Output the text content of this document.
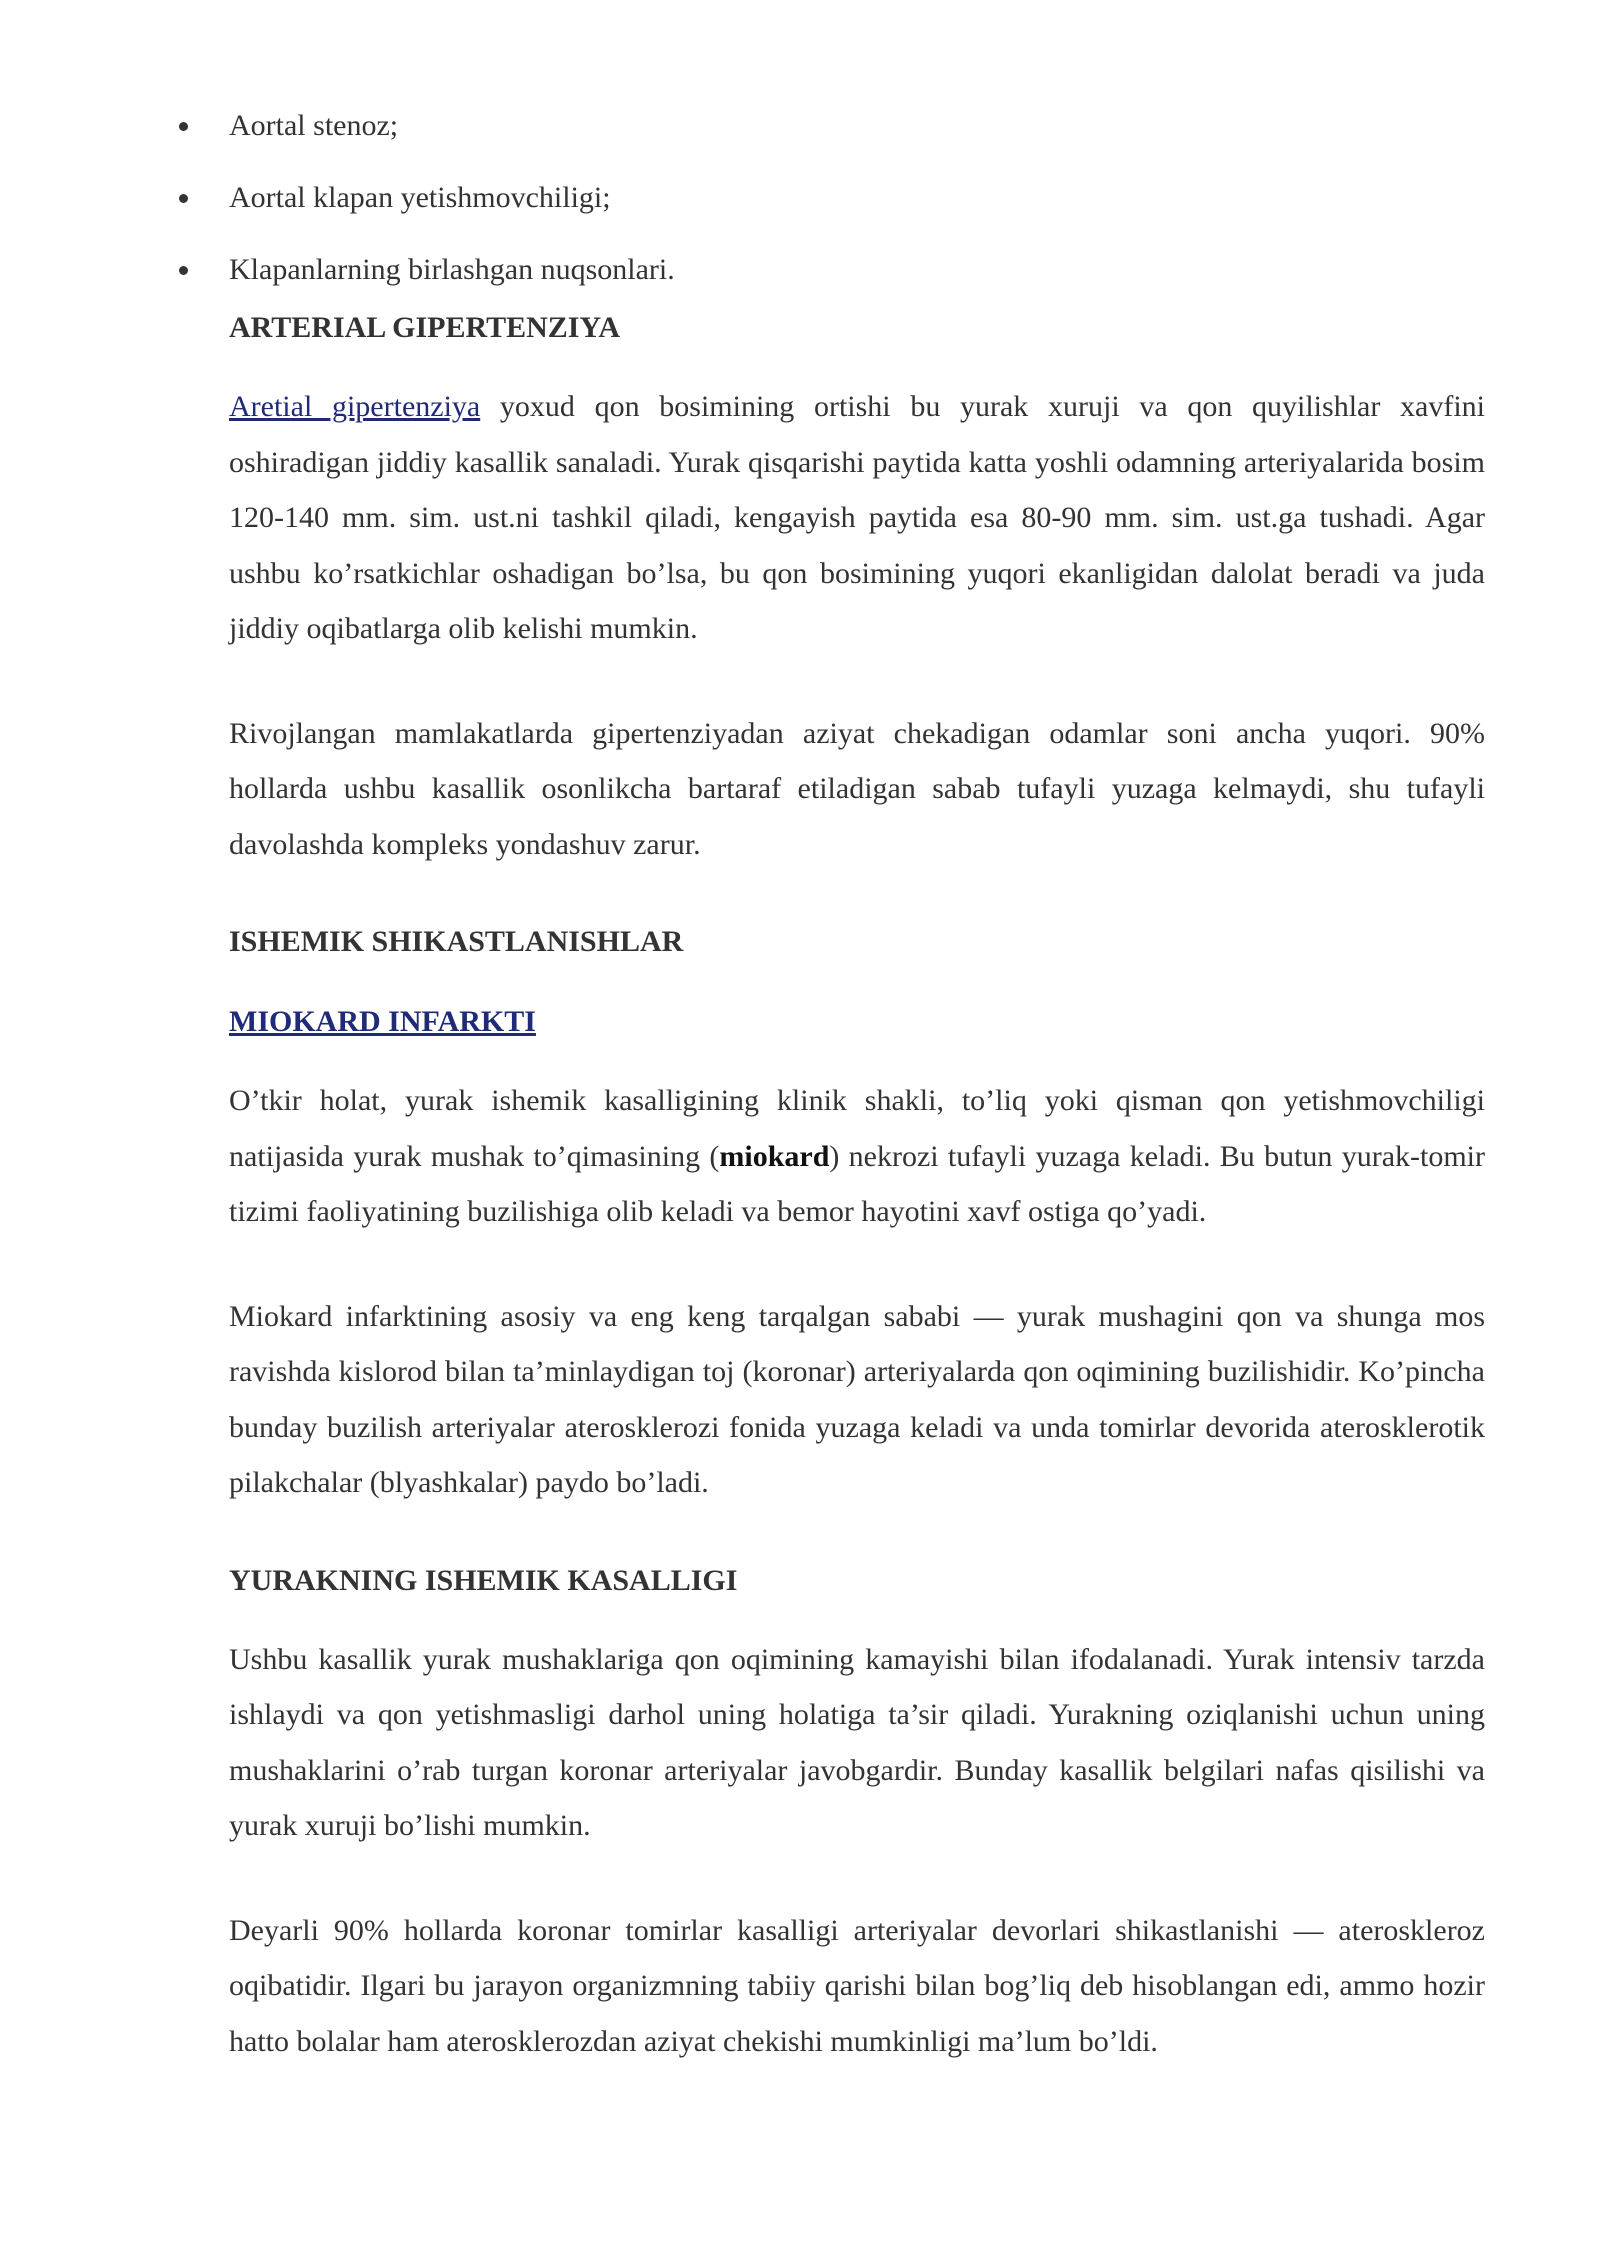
Aortal stenoz;
Aortal klapan yetishmovchiligi;
Klapanlarning birlashgan nuqsonlari.
ARTERIAL GIPERTENZIYA

Aretial gipertenziya yoxud qon bosimining ortishi bu yurak xuruji va qon quyilishlar xavfini oshiradigan jiddiy kasallik sanaladi. Yurak qisqarishi paytida katta yoshli odamning arteriyalarida bosim 120-140 mm. sim. ust.ni tashkil qiladi, kengayish paytida esa 80-90 mm. sim. ust.ga tushadi. Agar ushbu ko’rsatkichlar oshadigan bo’lsa, bu qon bosimining yuqori ekanligidan dalolat beradi va juda jiddiy oqibatlarga olib kelishi mumkin.

Rivojlangan mamlakatlarda gipertenziyadan aziyat chekadigan odamlar soni ancha yuqori. 90% hollarda ushbu kasallik osonlikcha bartaraf etiladigan sabab tufayli yuzaga kelmaydi, shu tufayli davolashda kompleks yondashuv zarur.

ISHEMIK SHIKASTLANISHLAR
MIOKARD INFARKTI

O’tkir holat, yurak ishemik kasalligining klinik shakli, to’liq yoki qisman qon yetishmovchiligi natijasida yurak mushak to’qimasining (miokard) nekrozi tufayli yuzaga keladi. Bu butun yurak-tomir tizimi faoliyatining buzilishiga olib keladi va bemor hayotini xavf ostiga qo’yadi.

Miokard infarktining asosiy va eng keng tarqalgan sababi — yurak mushagini qon va shunga mos ravishda kislorod bilan ta’minlaydigan toj (koronar) arteriyalarda qon oqimining buzilishidir. Ko’pincha bunday buzilish arteriyalar aterosklerozi fonida yuzaga keladi va unda tomirlar devorida aterosklerotik pilakchalar (blyashkalar) paydo bo’ladi.

YURAKNING ISHEMIK KASALLIGI

Ushbu kasallik yurak mushaklariga qon oqimining kamayishi bilan ifodalanadi. Yurak intensiv tarzda ishlaydi va qon yetishmasligi darhol uning holatiga ta’sir qiladi. Yurakning oziqlanishi uchun uning mushaklarini o’rab turgan koronar arteriyalar javobgardir. Bunday kasallik belgilari nafas qisilishi va yurak xuruji bo’lishi mumkin.

Deyarli 90% hollarda koronar tomirlar kasalligi arteriyalar devorlari shikastlanishi — ateroskleroz oqibatidir. Ilgari bu jarayon organizmning tabiiy qarishi bilan bog’liq deb hisoblangan edi, ammo hozir hatto bolalar ham aterosklerozdan aziyat chekishi mumkinligi ma’lum bo’ldi.
